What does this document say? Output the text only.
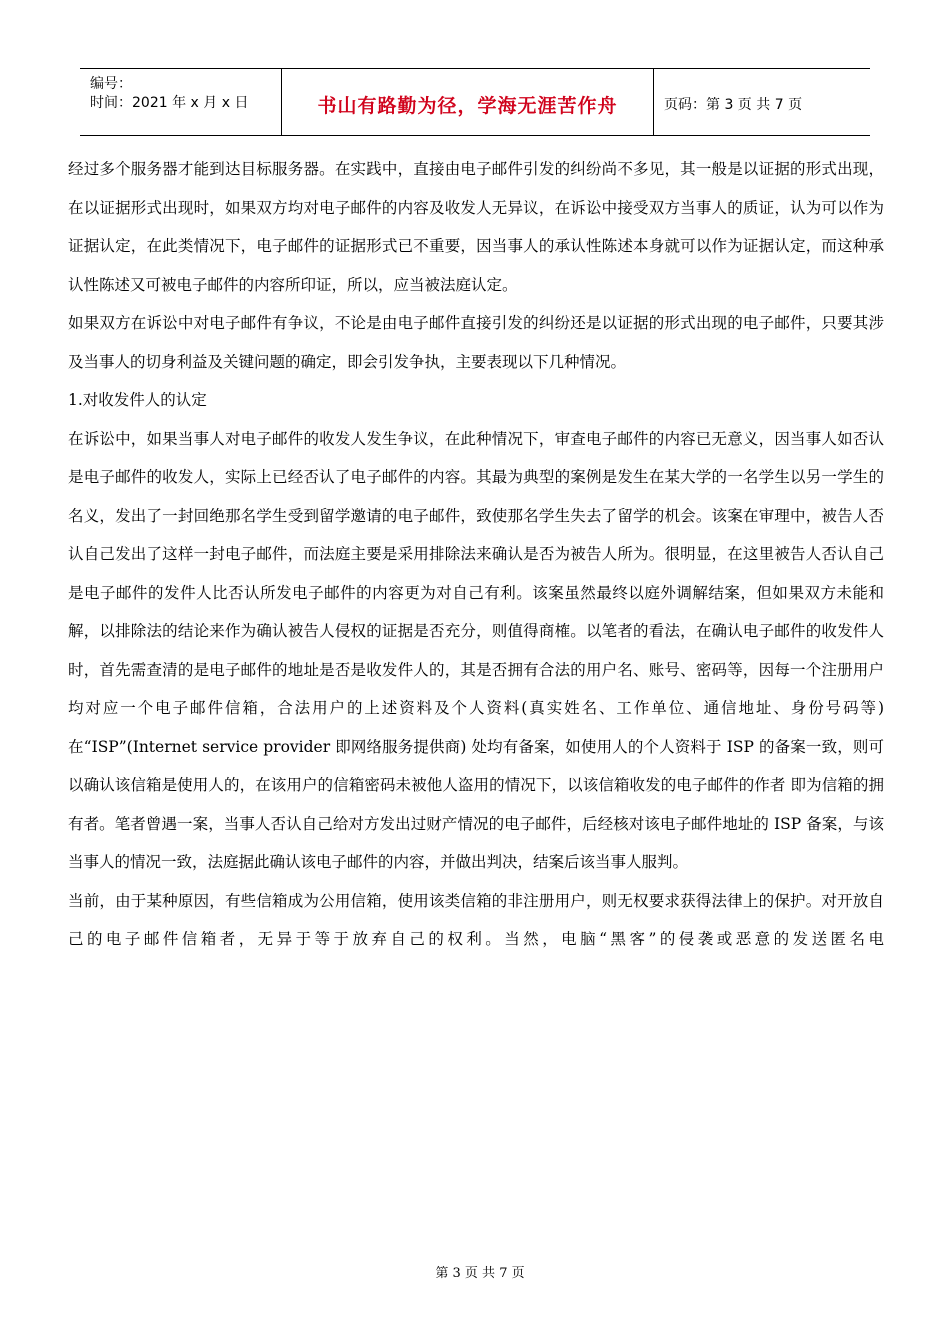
编号：
时间：2021 年 x 月 x 日	书山有路勤为径，学海无涯苦作舟	页码：第 3 页 共 7 页

经过多个服务器才能到达目标服务器。在实践中，直接由电子邮件引发的纠纷尚不多见，其一般是以证据的形式出现，在以证据形式出现时，如果双方均对电子邮件的内容及收发人无异议，在诉讼中接受双方当事人的质证，认为可以作为证据认定，在此类情况下，电子邮件的证据形式已不重要，因当事人的承认性陈述本身就可以作为证据认定，而这种承认性陈述又可被电子邮件的内容所印证，所以，应当被法庭认定。

如果双方在诉讼中对电子邮件有争议，不论是由电子邮件直接引发的纠纷还是以证据的形式出现的电子邮件，只要其涉及当事人的切身利益及关键问题的确定，即会引发争执，主要表现以下几种情况。

1.对收发件人的认定

在诉讼中，如果当事人对电子邮件的收发人发生争议，在此种情况下，审查电子邮件的内容已无意义，因当事人如否认是电子邮件的收发人，实际上已经否认了电子邮件的内容。其最为典型的案例是发生在某大学的一名学生以另一学生的名义，发出了一封回绝那名学生受到留学邀请的电子邮件，致使那名学生失去了留学的机会。该案在审理中，被告人否认自己发出了这样一封电子邮件，而法庭主要是采用排除法来确认是否为被告人所为。很明显，在这里被告人否认自己是电子邮件的发件人比否认所发电子邮件的内容更为对自己有利。该案虽然最终以庭外调解结案，但如果双方未能和解，以排除法的结论来作为确认被告人侵权的证据是否充分，则值得商榷。以笔者的看法，在确认电子邮件的收发件人时，首先需查清的是电子邮件的地址是否是收发件人的，其是否拥有合法的用户名、账号、密码等，因每一个注册用户均对应一个电子邮件信箱，合法用户的上述资料及个人资料(真实姓名、工作单位、通信地址、身份号码等)在“ISP”(Internet service provider 即网络服务提供商) 处均有备案，如使用人的个人资料于 ISP 的备案一致，则可以确认该信箱是使用人的，在该用户的信箱密码未被他人盗用的情况下，以该信箱收发的电子邮件的作者 即为信箱的拥有者。笔者曾遇一案，当事人否认自己给对方发出过财产情况的电子邮件，后经核对该电子邮件地址的 ISP 备案，与该当事人的情况一致，法庭据此确认该电子邮件的内容，并做出判决，结案后该当事人服判。

当前，由于某种原因，有些信箱成为公用信箱，使用该类信箱的非注册用户，则无权要求获得法律上的保护。对开放自己的电子邮件信箱者，无异于等于放弃自己的权利。当然，电脑“黑客”的侵袭或恶意的发送匿名电

第 3 页 共 7 页
